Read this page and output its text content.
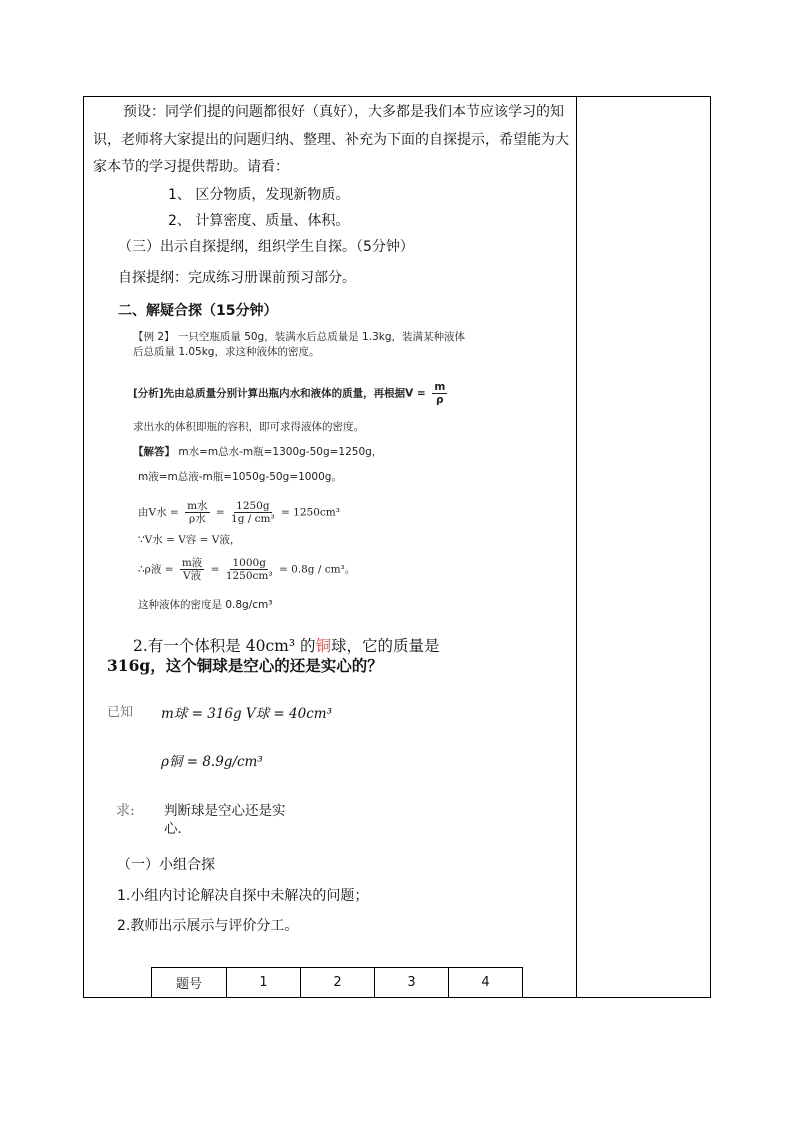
预设：同学们提的问题都很好（真好），大多都是我们本节应该学习的知
识，老师将大家提出的问题归纳、整理、补充为下面的自探提示，希望能为大
家本节的学习提供帮助。请看：
1、 区分物质，发现新物质。
2、 计算密度、质量、体积。
（三）出示自探提纲，组织学生自探。（5分钟）
自探提纲：完成练习册课前预习部分。
二、解疑合探（15分钟）
【例 2】 一只空瓶质量 50g，装满水后总质量是 1.3kg，装满某种液体
后总质量 1.05kg，求这种液体的密度。
[分析]先由总质量分别计算出瓶内水和液体的质量，再根据$V = \frac{m}{\rho}$
求出水的体积即瓶的容积，即可求得液体的密度。
【解答】 m水=m总水-m瓶=1300g-50g=1250g，
m液=m总液-m瓶=1050g-50g=1000g。
由V水 = $\frac{\text{m水}}{\text{ρ水}} = \frac{1250g}{\text{1g / cm³}} = 1250cm^3$
∵V水 = V容 = V液，
∴ρ液 = $\frac{\text{m液}}{\text{V液}} = \frac{1000g}{\text{1250cm³}} = 0.8g / cm^3$。
这种液体的密度是 0.8g/cm³
2.有一个体积是 40cm³ 的铜球，它的质量是
316g，这个铜球是空心的还是实心的？
已知 m球 = 316g V球 = 40cm³
ρ铜 = 8.9g/cm³
求: 判断球是空心还是实
心．
（一）小组合探
1.小组内讨论解决自探中未解决的问题；
2.教师出示展示与评价分工。
题号	1	2	3	4
